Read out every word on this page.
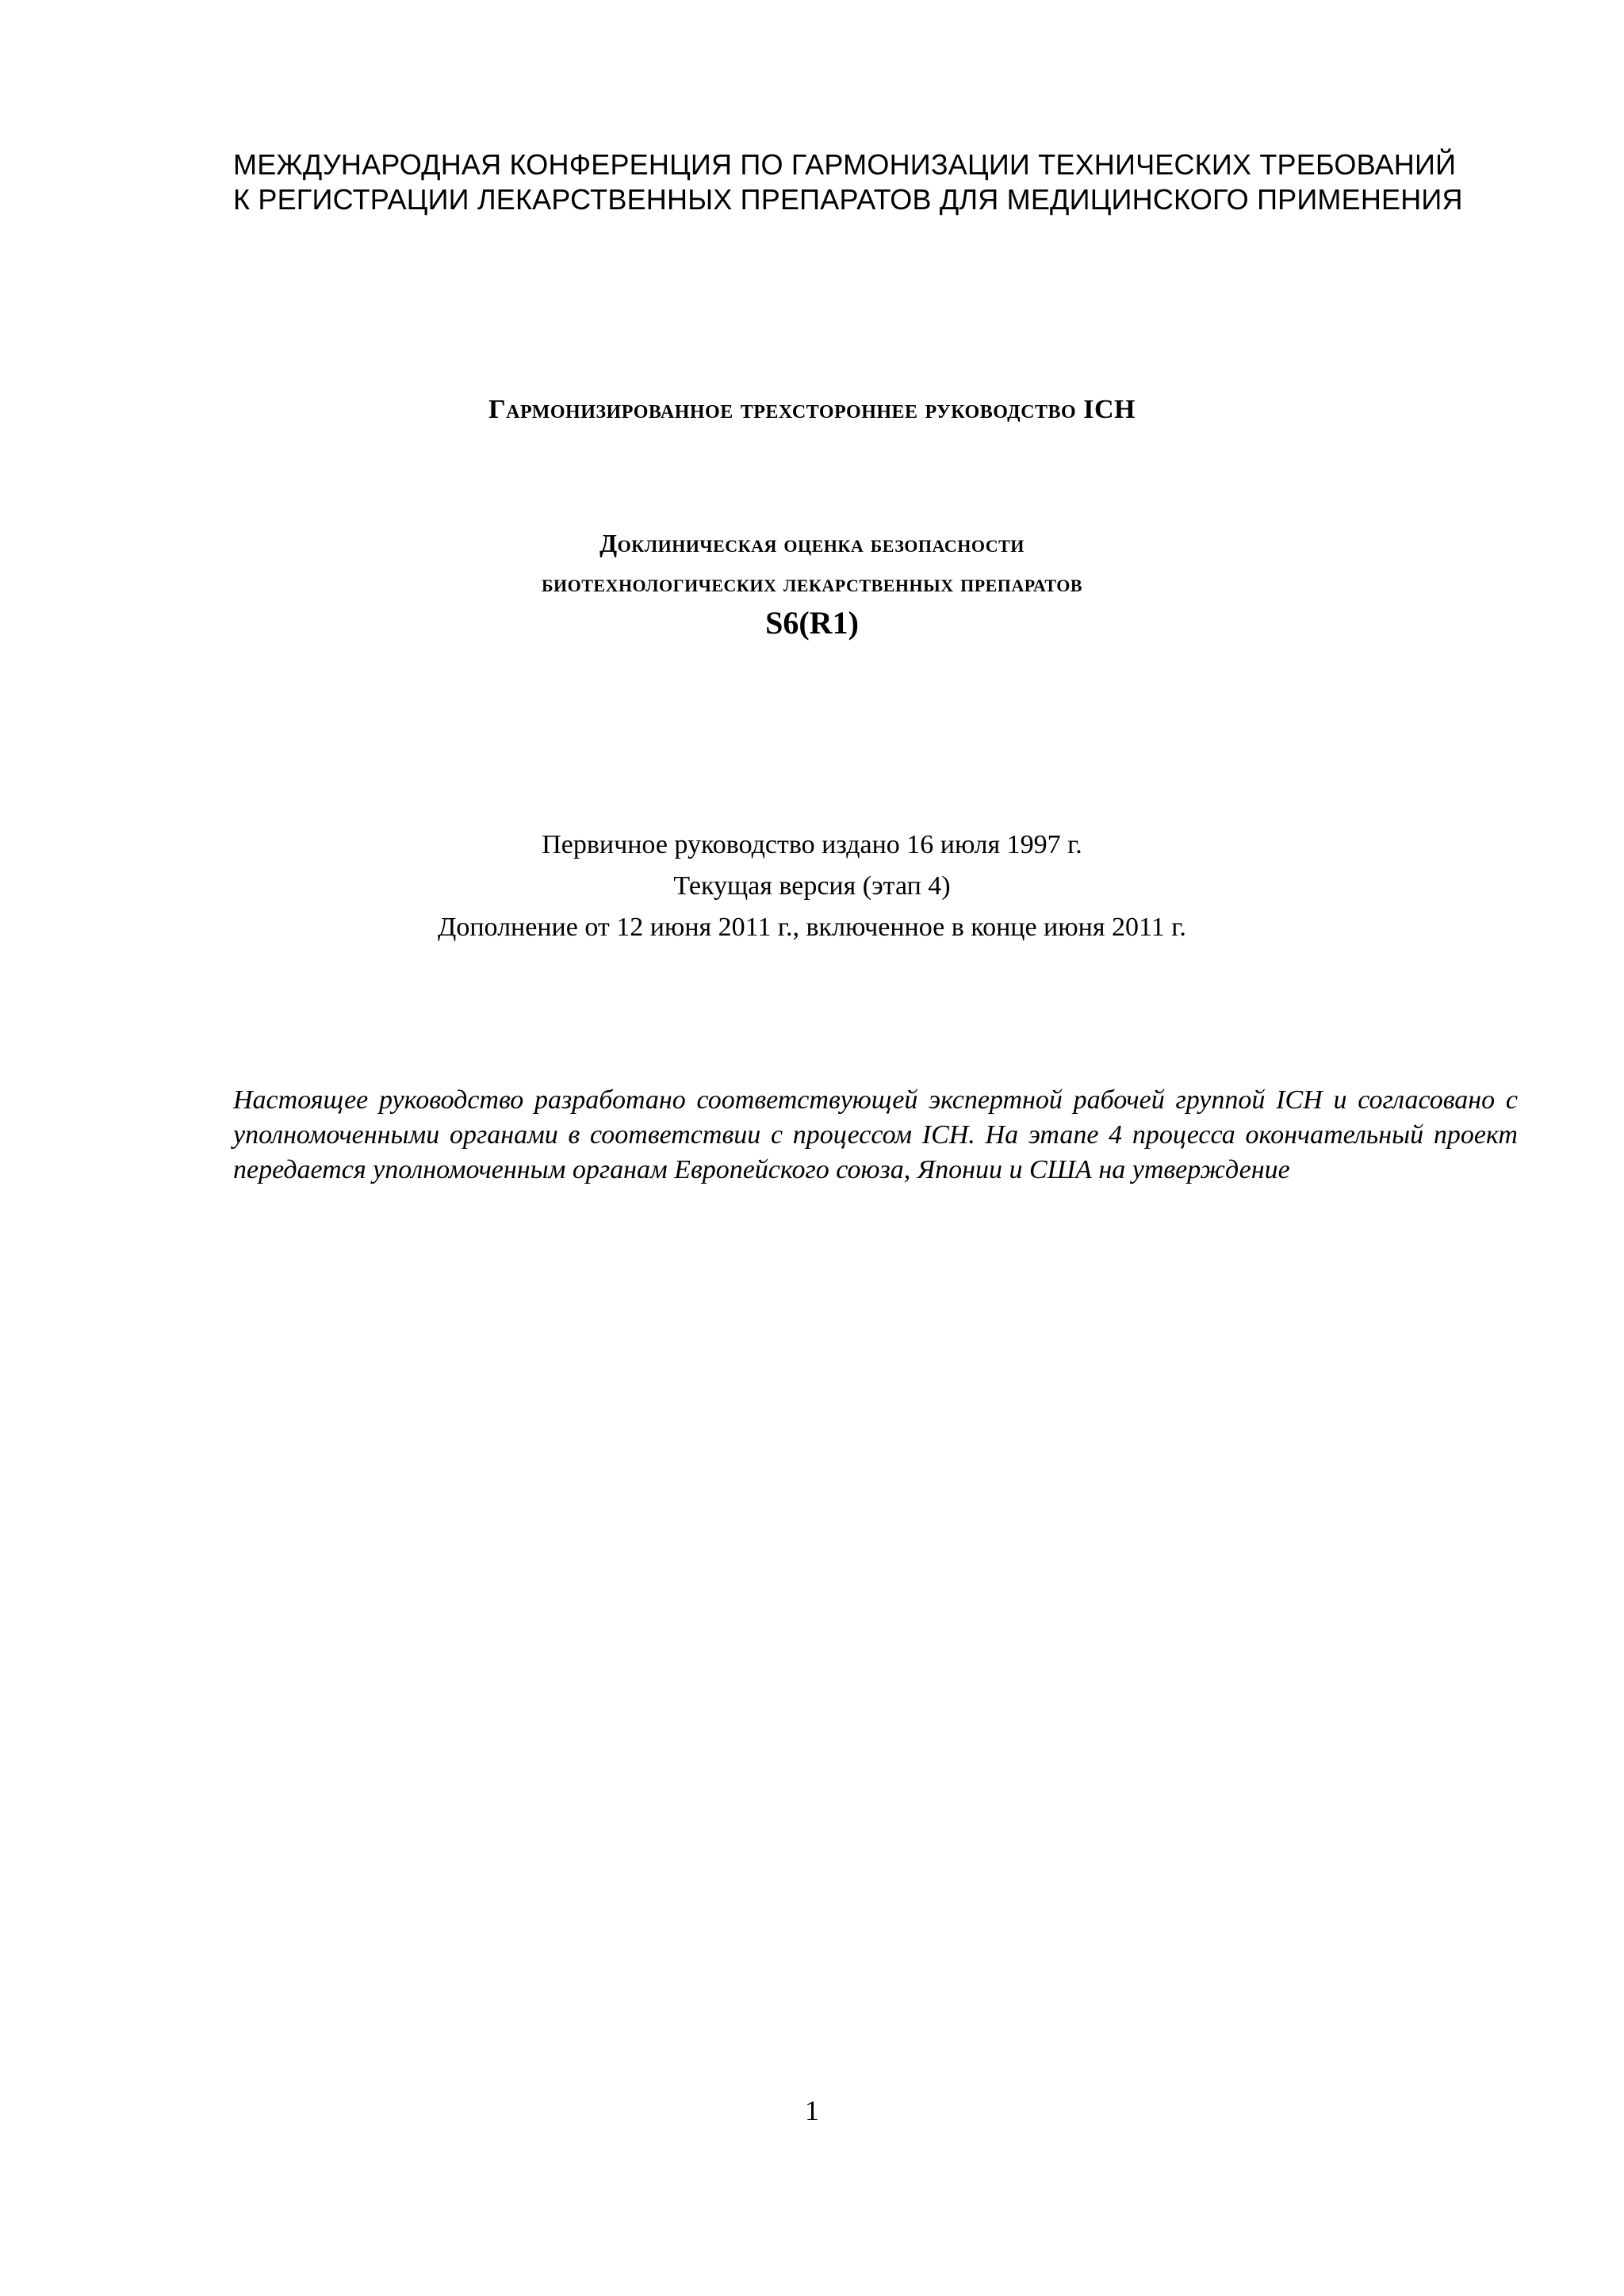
МЕЖДУНАРОДНАЯ КОНФЕРЕНЦИЯ ПО ГАРМОНИЗАЦИИ ТЕХНИЧЕСКИХ ТРЕБОВАНИЙ
К РЕГИСТРАЦИИ ЛЕКАРСТВЕННЫХ ПРЕПАРАТОВ ДЛЯ МЕДИЦИНСКОГО ПРИМЕНЕНИЯ
Гармонизированное трехстороннее руководство ICH
Доклиническая оценка безопасности
биотехнологических лекарственных препаратов
S6(R1)
Первичное руководство издано 16 июля 1997 г.
Текущая версия (этап 4)
Дополнение от 12 июня 2011 г., включенное в конце июня 2011 г.
Настоящее руководство разработано соответствующей экспертной рабочей группой ICH и согласовано с уполномоченными органами в соответствии с процессом ICH. На этапе 4 процесса окончательный проект передается уполномоченным органам Европейского союза, Японии и США на утверждение
1
